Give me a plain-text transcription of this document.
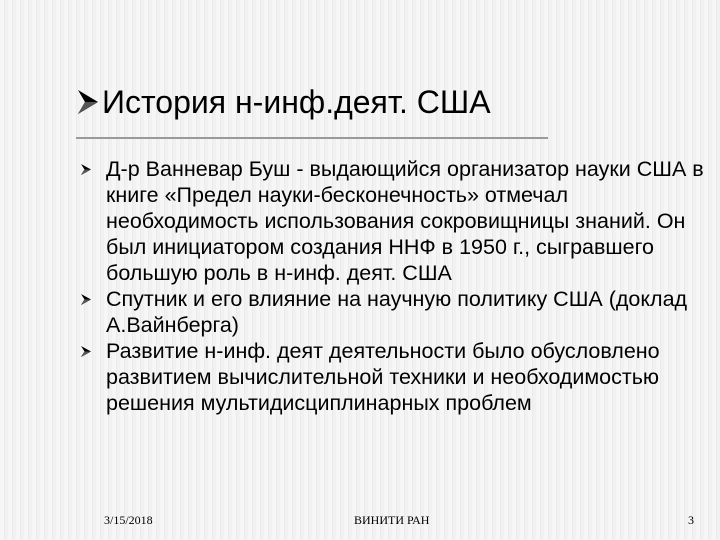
История н-инф.деят. США
Д-р Ванневар Буш - выдающийся организатор науки США в книге «Предел науки-бесконечность» отмечал необходимость использования сокровищницы знаний. Он был инициатором создания ННФ в 1950 г., сыгравшего большую роль в н-инф. деят. США
Спутник и его влияние на научную политику США (доклад А.Вайнберга)
Развитие н-инф. деят деятельности было обусловлено развитием вычислительной техники и необходимостью решения мультидисциплинарных проблем
3/15/2018	ВИНИТИ РАН	3
